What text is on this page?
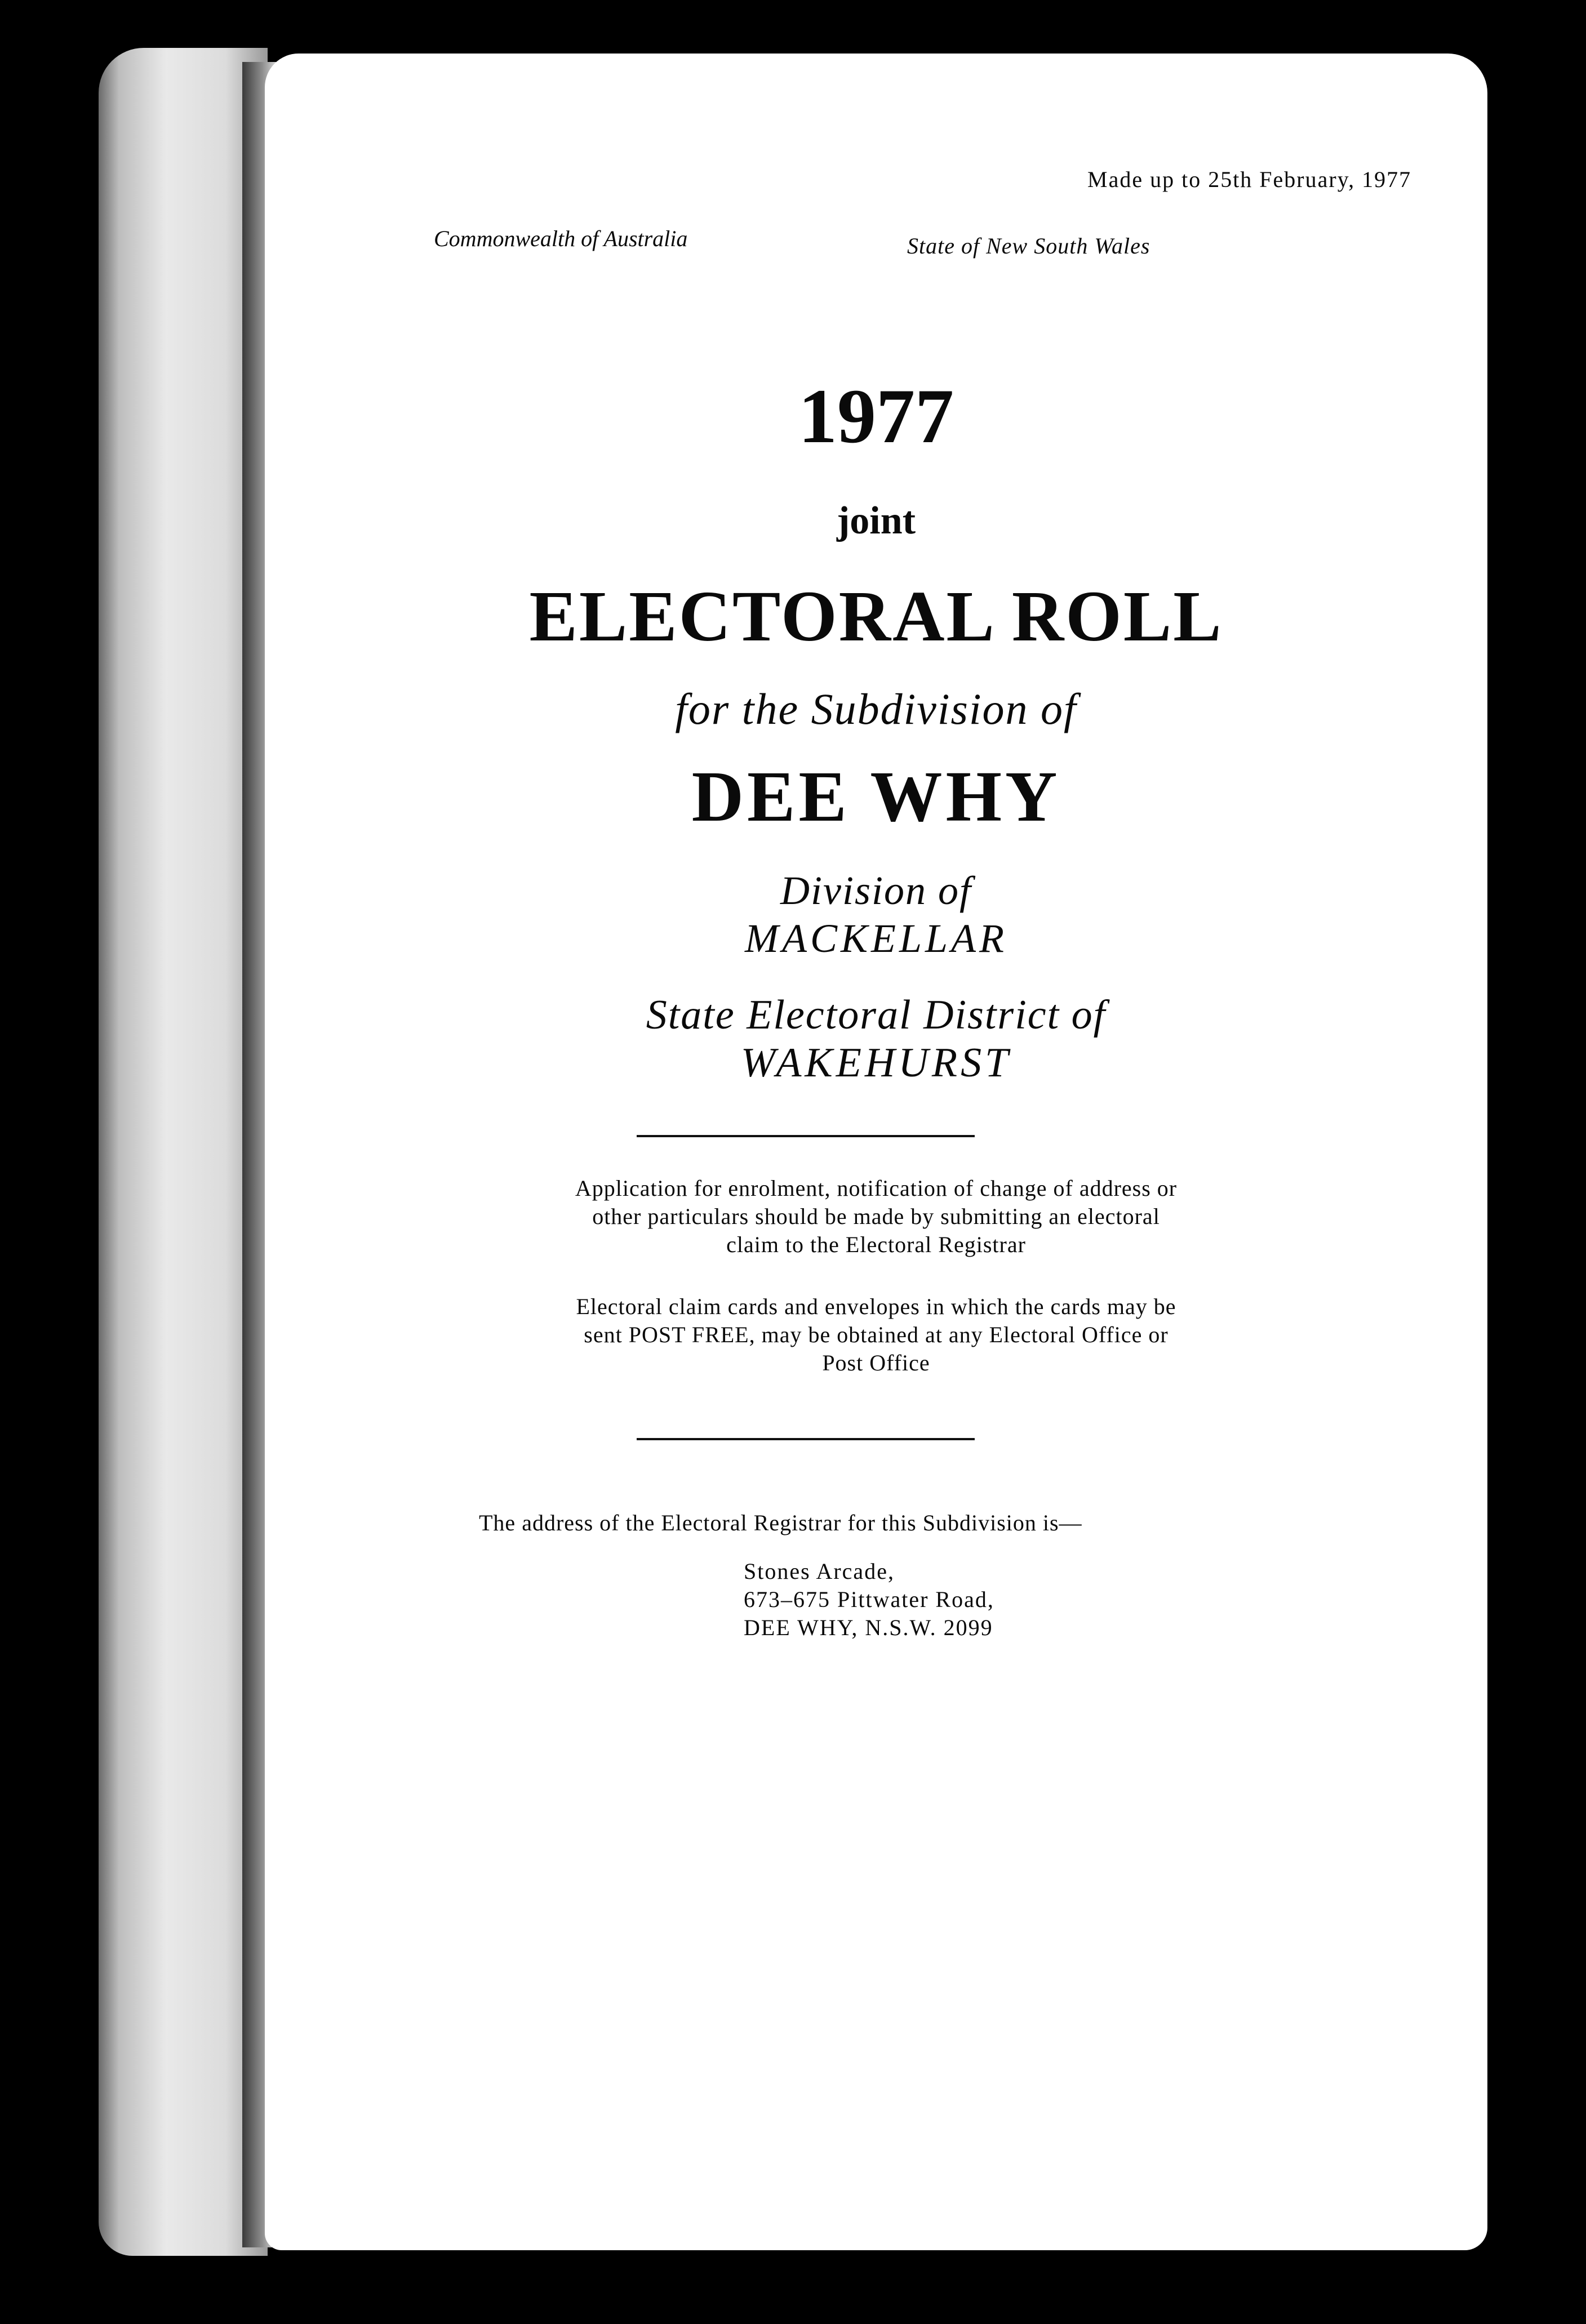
Made up to 25th February, 1977

Commonwealth of Australia	State of New South Wales

1977

joint

ELECTORAL ROLL

for the Subdivision of

DEE WHY

Division of

MACKELLAR

State Electoral District of

WAKEHURST

Application for enrolment, notification of change of address or
other particulars should be made by submitting an electoral
claim to the Electoral Registrar

Electoral claim cards and envelopes in which the cards may be
sent POST FREE, may be obtained at any Electoral Office or
Post Office

The address of the Electoral Registrar for this Subdivision is—

Stones Arcade,
673–675 Pittwater Road,
DEE WHY, N.S.W. 2099
